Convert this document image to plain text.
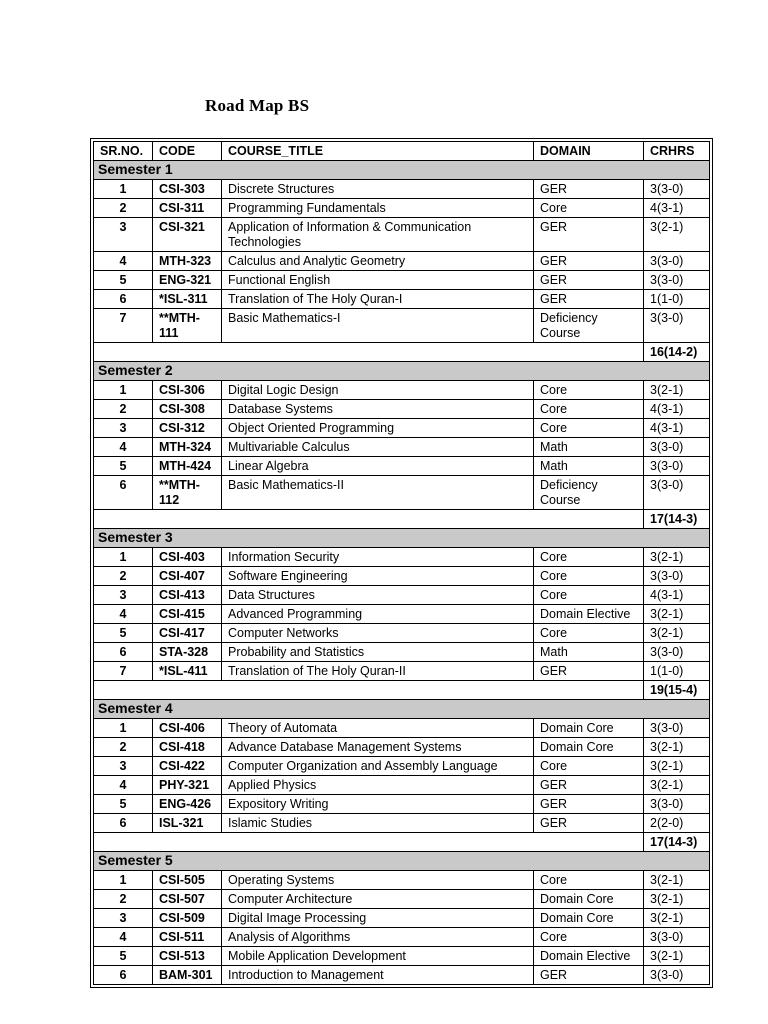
Road Map BS
SR.NO.	CODE	COURSE_TITLE	DOMAIN	CRHRS
Semester 1				
1	CSI-303	Discrete Structures	GER	3(3-0)
2	CSI-311	Programming Fundamentals	Core	4(3-1)
3	CSI-321	Application of Information & Communication Technologies	GER	3(2-1)
4	MTH-323	Calculus and Analytic Geometry	GER	3(3-0)
5	ENG-321	Functional English	GER	3(3-0)
6	*ISL-311	Translation of The Holy Quran-I	GER	1(1-0)
7	**MTH-111	Basic Mathematics-I	Deficiency Course	3(3-0)
				16(14-2)
Semester 2				
1	CSI-306	Digital Logic Design	Core	3(2-1)
2	CSI-308	Database Systems	Core	4(3-1)
3	CSI-312	Object Oriented Programming	Core	4(3-1)
4	MTH-324	Multivariable Calculus	Math	3(3-0)
5	MTH-424	Linear Algebra	Math	3(3-0)
6	**MTH-112	Basic Mathematics-II	Deficiency Course	3(3-0)
				17(14-3)
Semester 3				
1	CSI-403	Information Security	Core	3(2-1)
2	CSI-407	Software Engineering	Core	3(3-0)
3	CSI-413	Data Structures	Core	4(3-1)
4	CSI-415	Advanced Programming	Domain Elective	3(2-1)
5	CSI-417	Computer Networks	Core	3(2-1)
6	STA-328	Probability and Statistics	Math	3(3-0)
7	*ISL-411	Translation of The Holy Quran-II	GER	1(1-0)
				19(15-4)
Semester 4				
1	CSI-406	Theory of Automata	Domain Core	3(3-0)
2	CSI-418	Advance Database Management Systems	Domain Core	3(2-1)
3	CSI-422	Computer Organization and Assembly Language	Core	3(2-1)
4	PHY-321	Applied Physics	GER	3(2-1)
5	ENG-426	Expository Writing	GER	3(3-0)
6	ISL-321	Islamic Studies	GER	2(2-0)
				17(14-3)
Semester 5				
1	CSI-505	Operating Systems	Core	3(2-1)
2	CSI-507	Computer Architecture	Domain Core	3(2-1)
3	CSI-509	Digital Image Processing	Domain Core	3(2-1)
4	CSI-511	Analysis of Algorithms	Core	3(3-0)
5	CSI-513	Mobile Application Development	Domain Elective	3(2-1)
6	BAM-301	Introduction to Management	GER	3(3-0)
